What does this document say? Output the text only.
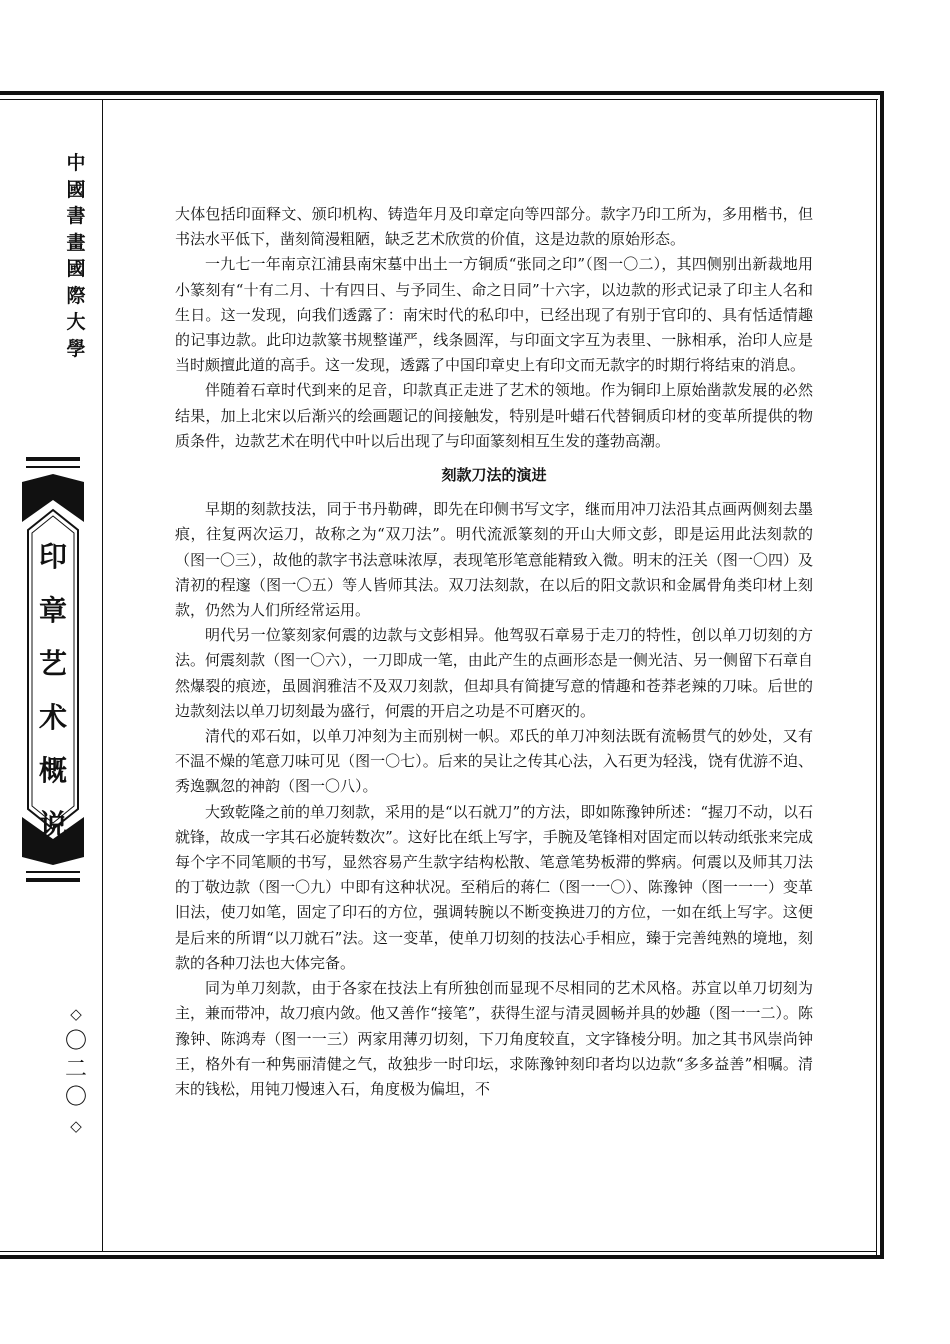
中
國
書
畫
國
際
大
學
印
章
艺
术
概
说
◇
〇
二
〇
◇

大体包括印面释文、颁印机构、铸造年月及印章定向等四部分。款字乃印工所为，多用楷书，但书法水平低下，凿刻简漫粗陋，缺乏艺术欣赏的价值，这是边款的原始形态。

一九七一年南京江浦县南宋墓中出土一方铜质“张同之印”（图一〇二），其四侧别出新裁地用小篆刻有“十有二月、十有四日、与予同生、命之日同”十六字，以边款的形式记录了印主人名和生日。这一发现，向我们透露了：南宋时代的私印中，已经出现了有别于官印的、具有恬适情趣的记事边款。此印边款篆书规整谨严，线条圆浑，与印面文字互为表里、一脉相承，治印人应是当时颇擅此道的高手。这一发现，透露了中国印章史上有印文而无款字的时期行将结束的消息。

伴随着石章时代到来的足音，印款真正走进了艺术的领地。作为铜印上原始凿款发展的必然结果，加上北宋以后渐兴的绘画题记的间接触发，特别是叶蜡石代替铜质印材的变革所提供的物质条件，边款艺术在明代中叶以后出现了与印面篆刻相互生发的蓬勃高潮。

刻款刀法的演进

早期的刻款技法，同于书丹勒碑，即先在印侧书写文字，继而用冲刀法沿其点画两侧刻去墨痕，往复两次运刀，故称之为“双刀法”。明代流派篆刻的开山大师文彭，即是运用此法刻款的（图一〇三），故他的款字书法意味浓厚，表现笔形笔意能精致入微。明末的汪关（图一〇四）及清初的程邃（图一〇五）等人皆师其法。双刀法刻款，在以后的阳文款识和金属骨角类印材上刻款，仍然为人们所经常运用。

明代另一位篆刻家何震的边款与文彭相异。他驾驭石章易于走刀的特性，创以单刀切刻的方法。何震刻款（图一〇六），一刀即成一笔，由此产生的点画形态是一侧光洁、另一侧留下石章自然爆裂的痕迹，虽圆润雅洁不及双刀刻款，但却具有简捷写意的情趣和苍莽老辣的刀味。后世的边款刻法以单刀切刻最为盛行，何震的开启之功是不可磨灭的。

清代的邓石如，以单刀冲刻为主而别树一帜。邓氏的单刀冲刻法既有流畅贯气的妙处，又有不温不燥的笔意刀味可见（图一〇七）。后来的吴让之传其心法，入石更为轻浅，饶有优游不迫、秀逸飘忽的神韵（图一〇八）。

大致乾隆之前的单刀刻款，采用的是“以石就刀”的方法，即如陈豫钟所述：“握刀不动，以石就锋，故成一字其石必旋转数次”。这好比在纸上写字，手腕及笔锋相对固定而以转动纸张来完成每个字不同笔顺的书写，显然容易产生款字结构松散、笔意笔势板滞的弊病。何震以及师其刀法的丁敬边款（图一〇九）中即有这种状况。至稍后的蒋仁（图一一〇）、陈豫钟（图一一一）变革旧法，使刀如笔，固定了印石的方位，强调转腕以不断变换进刀的方位，一如在纸上写字。这便是后来的所谓“以刀就石”法。这一变革，使单刀切刻的技法心手相应，臻于完善纯熟的境地，刻款的各种刀法也大体完备。

同为单刀刻款，由于各家在技法上有所独创而显现不尽相同的艺术风格。苏宣以单刀切刻为主，兼而带冲，故刀痕内敛。他又善作“接笔”，获得生涩与清灵圆畅并具的妙趣（图一一二）。陈豫钟、陈鸿寿（图一一三）两家用薄刃切刻，下刀角度较直，文字锋棱分明。加之其书风崇尚钟王，格外有一种隽丽清健之气，故独步一时印坛，求陈豫钟刻印者均以边款“多多益善”相嘱。清末的钱松，用钝刀慢速入石，角度极为偏坦，不
